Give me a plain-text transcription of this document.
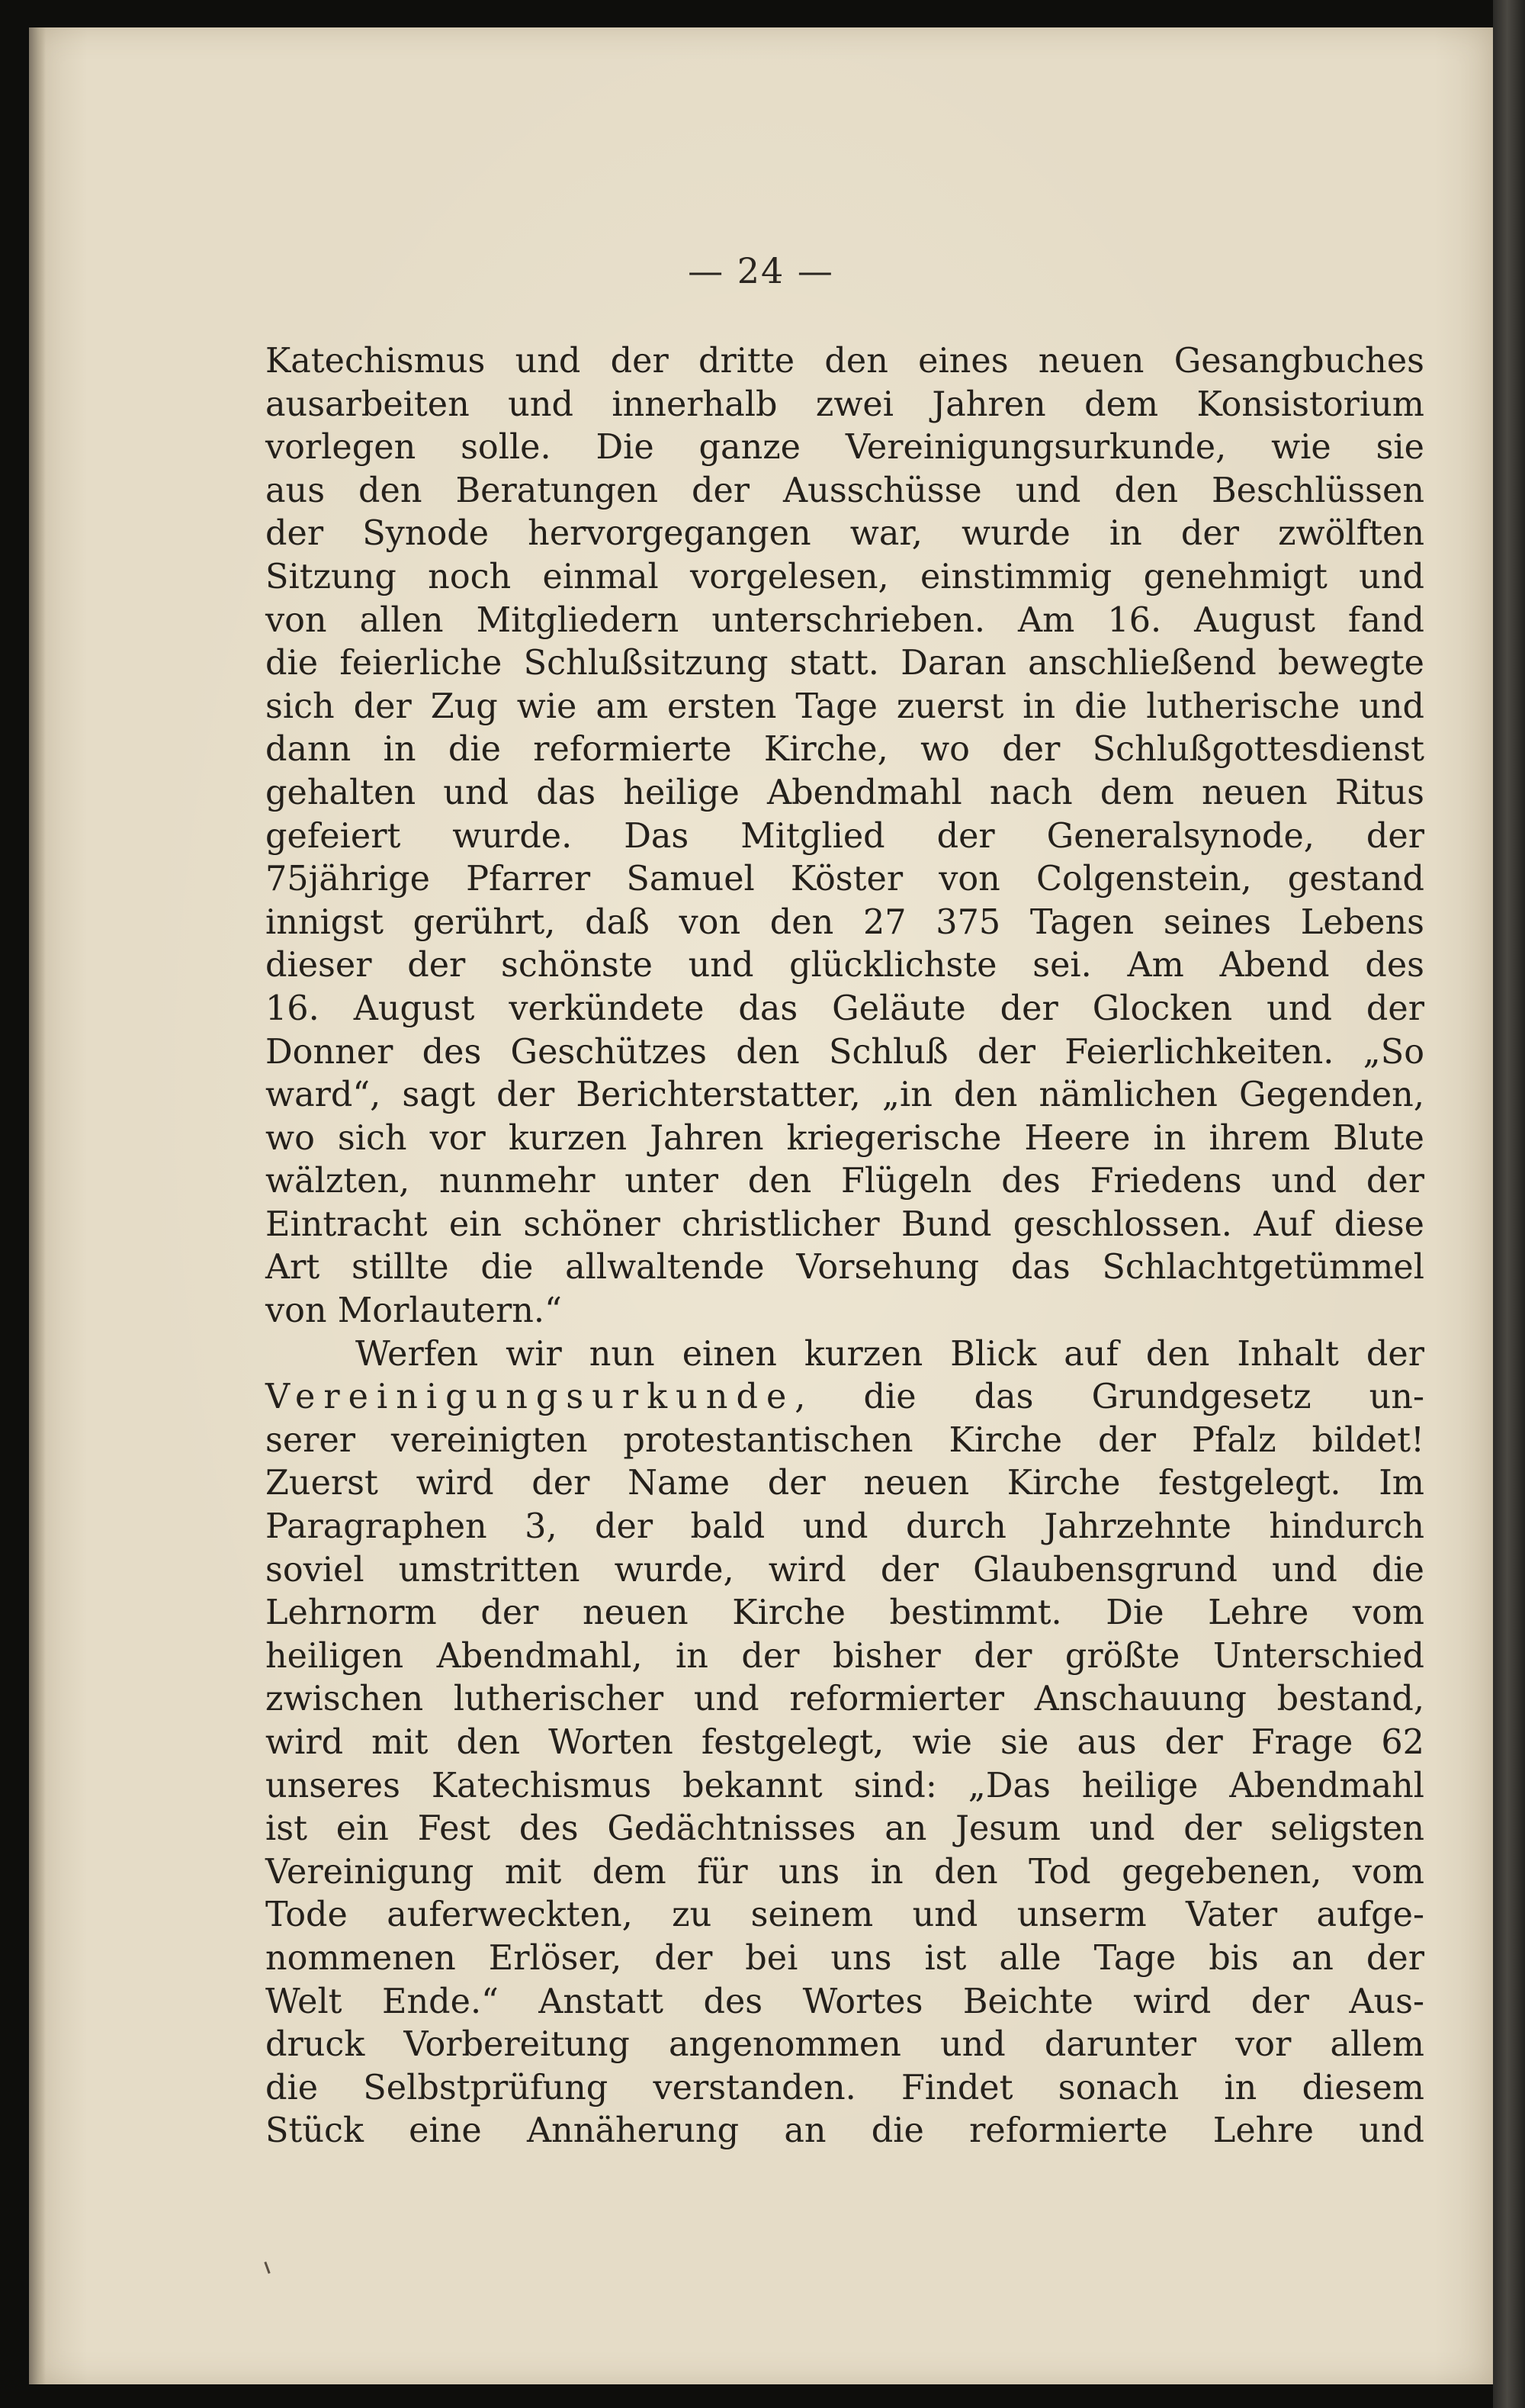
— 24 —
Katechismus und der dritte den eines neuen Gesangbuches
ausarbeiten und innerhalb zwei Jahren dem Konsistorium
vorlegen solle. Die ganze Vereinigungsurkunde, wie sie
aus den Beratungen der Ausschüsse und den Beschlüssen
der Synode hervorgegangen war, wurde in der zwölften
Sitzung noch einmal vorgelesen, einstimmig genehmigt und
von allen Mitgliedern unterschrieben. Am 16. August fand
die feierliche Schlußsitzung statt. Daran anschließend bewegte
sich der Zug wie am ersten Tage zuerst in die lutherische und
dann in die reformierte Kirche, wo der Schlußgottesdienst
gehalten und das heilige Abendmahl nach dem neuen Ritus
gefeiert wurde. Das Mitglied der Generalsynode, der
75jährige Pfarrer Samuel Köster von Colgenstein, gestand
innigst gerührt, daß von den 27 375 Tagen seines Lebens
dieser der schönste und glücklichste sei. Am Abend des
16. August verkündete das Geläute der Glocken und der
Donner des Geschützes den Schluß der Feierlichkeiten. „So
ward“, sagt der Berichterstatter, „in den nämlichen Gegenden,
wo sich vor kurzen Jahren kriegerische Heere in ihrem Blute
wälzten, nunmehr unter den Flügeln des Friedens und der
Eintracht ein schöner christlicher Bund geschlossen. Auf diese
Art stillte die allwaltende Vorsehung das Schlachtgetümmel
von Morlautern.“
Werfen wir nun einen kurzen Blick auf den Inhalt der
Vereinigungsurkunde, die das Grundgesetz un-
serer vereinigten protestantischen Kirche der Pfalz bildet!
Zuerst wird der Name der neuen Kirche festgelegt. Im
Paragraphen 3, der bald und durch Jahrzehnte hindurch
soviel umstritten wurde, wird der Glaubensgrund und die
Lehrnorm der neuen Kirche bestimmt. Die Lehre vom
heiligen Abendmahl, in der bisher der größte Unterschied
zwischen lutherischer und reformierter Anschauung bestand,
wird mit den Worten festgelegt, wie sie aus der Frage 62
unseres Katechismus bekannt sind: „Das heilige Abendmahl
ist ein Fest des Gedächtnisses an Jesum und der seligsten
Vereinigung mit dem für uns in den Tod gegebenen, vom
Tode auferweckten, zu seinem und unserm Vater aufge-
nommenen Erlöser, der bei uns ist alle Tage bis an der
Welt Ende.“ Anstatt des Wortes Beichte wird der Aus-
druck Vorbereitung angenommen und darunter vor allem
die Selbstprüfung verstanden. Findet sonach in diesem
Stück eine Annäherung an die reformierte Lehre und
